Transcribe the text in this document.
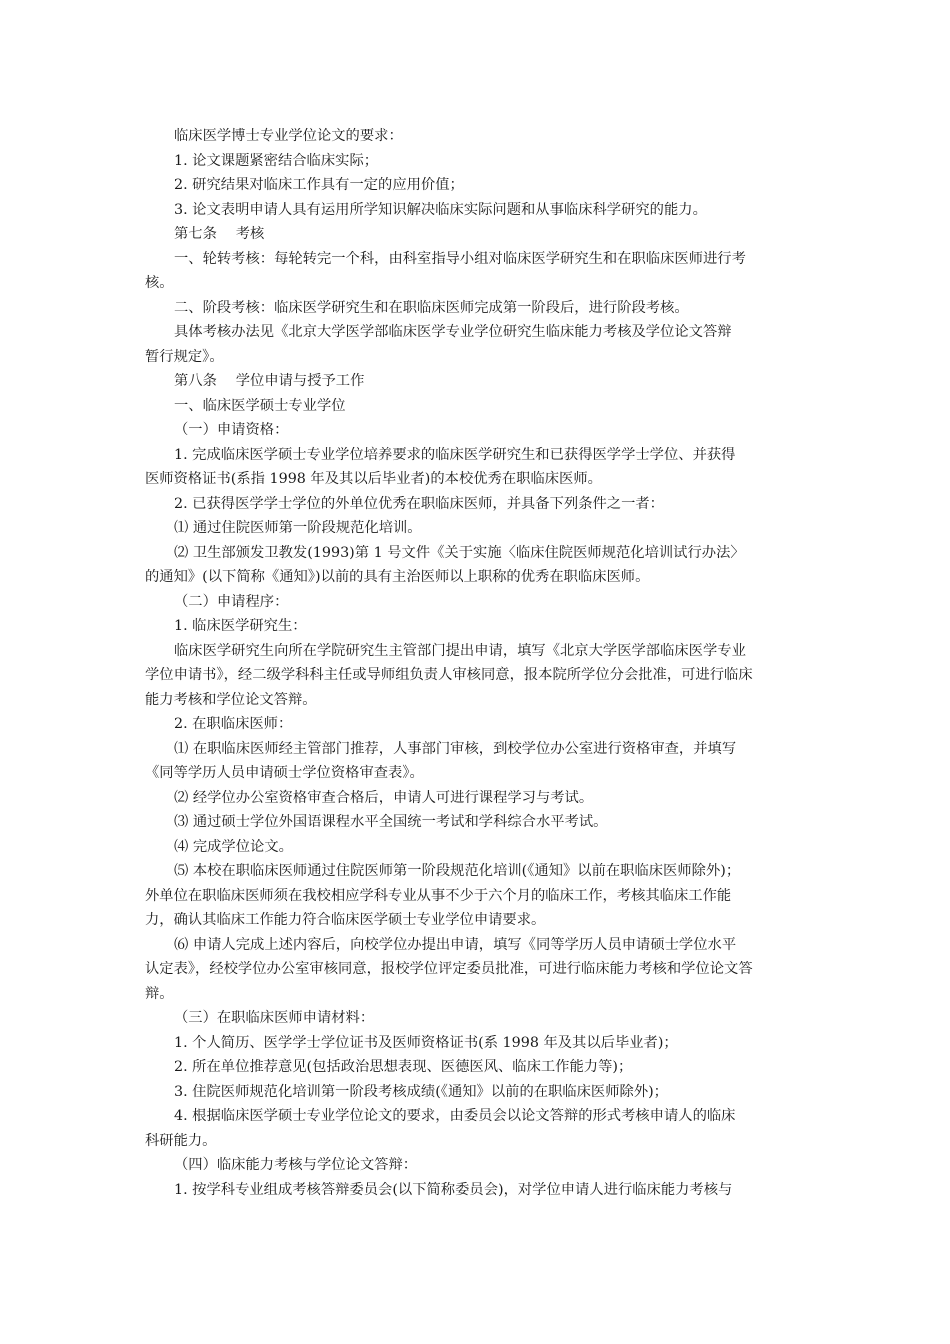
临床医学博士专业学位论文的要求：
1. 论文课题紧密结合临床实际；
2. 研究结果对临床工作具有一定的应用价值；
3. 论文表明申请人具有运用所学知识解决临床实际问题和从事临床科学研究的能力。
第七条　 考核
一、轮转考核：每轮转完一个科，由科室指导小组对临床医学研究生和在职临床医师进行考
核。
二、阶段考核：临床医学研究生和在职临床医师完成第一阶段后，进行阶段考核。
具体考核办法见《北京大学医学部临床医学专业学位研究生临床能力考核及学位论文答辩
暂行规定》。
第八条　 学位申请与授予工作
一、临床医学硕士专业学位
（一）申请资格：
1. 完成临床医学硕士专业学位培养要求的临床医学研究生和已获得医学学士学位、并获得
医师资格证书(系指 1998 年及其以后毕业者)的本校优秀在职临床医师。
2. 已获得医学学士学位的外单位优秀在职临床医师，并具备下列条件之一者：
⑴ 通过住院医师第一阶段规范化培训。
⑵ 卫生部颁发卫教发(1993)第 1 号文件《关于实施〈临床住院医师规范化培训试行办法〉
的通知》(以下简称《通知》)以前的具有主治医师以上职称的优秀在职临床医师。
（二）申请程序：
1. 临床医学研究生：
临床医学研究生向所在学院研究生主管部门提出申请，填写《北京大学医学部临床医学专业
学位申请书》，经二级学科科主任或导师组负责人审核同意，报本院所学位分会批准，可进行临床
能力考核和学位论文答辩。
2. 在职临床医师：
⑴ 在职临床医师经主管部门推荐，人事部门审核，到校学位办公室进行资格审查，并填写
《同等学历人员申请硕士学位资格审查表》。
⑵ 经学位办公室资格审查合格后，申请人可进行课程学习与考试。
⑶ 通过硕士学位外国语课程水平全国统一考试和学科综合水平考试。
⑷ 完成学位论文。
⑸ 本校在职临床医师通过住院医师第一阶段规范化培训(《通知》以前在职临床医师除外)；
外单位在职临床医师须在我校相应学科专业从事不少于六个月的临床工作，考核其临床工作能
力，确认其临床工作能力符合临床医学硕士专业学位申请要求。
⑹ 申请人完成上述内容后，向校学位办提出申请，填写《同等学历人员申请硕士学位水平
认定表》，经校学位办公室审核同意，报校学位评定委员批准，可进行临床能力考核和学位论文答
辩。
（三）在职临床医师申请材料：
1. 个人简历、医学学士学位证书及医师资格证书(系 1998 年及其以后毕业者)；
2. 所在单位推荐意见(包括政治思想表现、医德医风、临床工作能力等)；
3. 住院医师规范化培训第一阶段考核成绩(《通知》以前的在职临床医师除外)；
4. 根据临床医学硕士专业学位论文的要求，由委员会以论文答辩的形式考核申请人的临床
科研能力。
（四）临床能力考核与学位论文答辩：
1. 按学科专业组成考核答辩委员会(以下简称委员会)，对学位申请人进行临床能力考核与
